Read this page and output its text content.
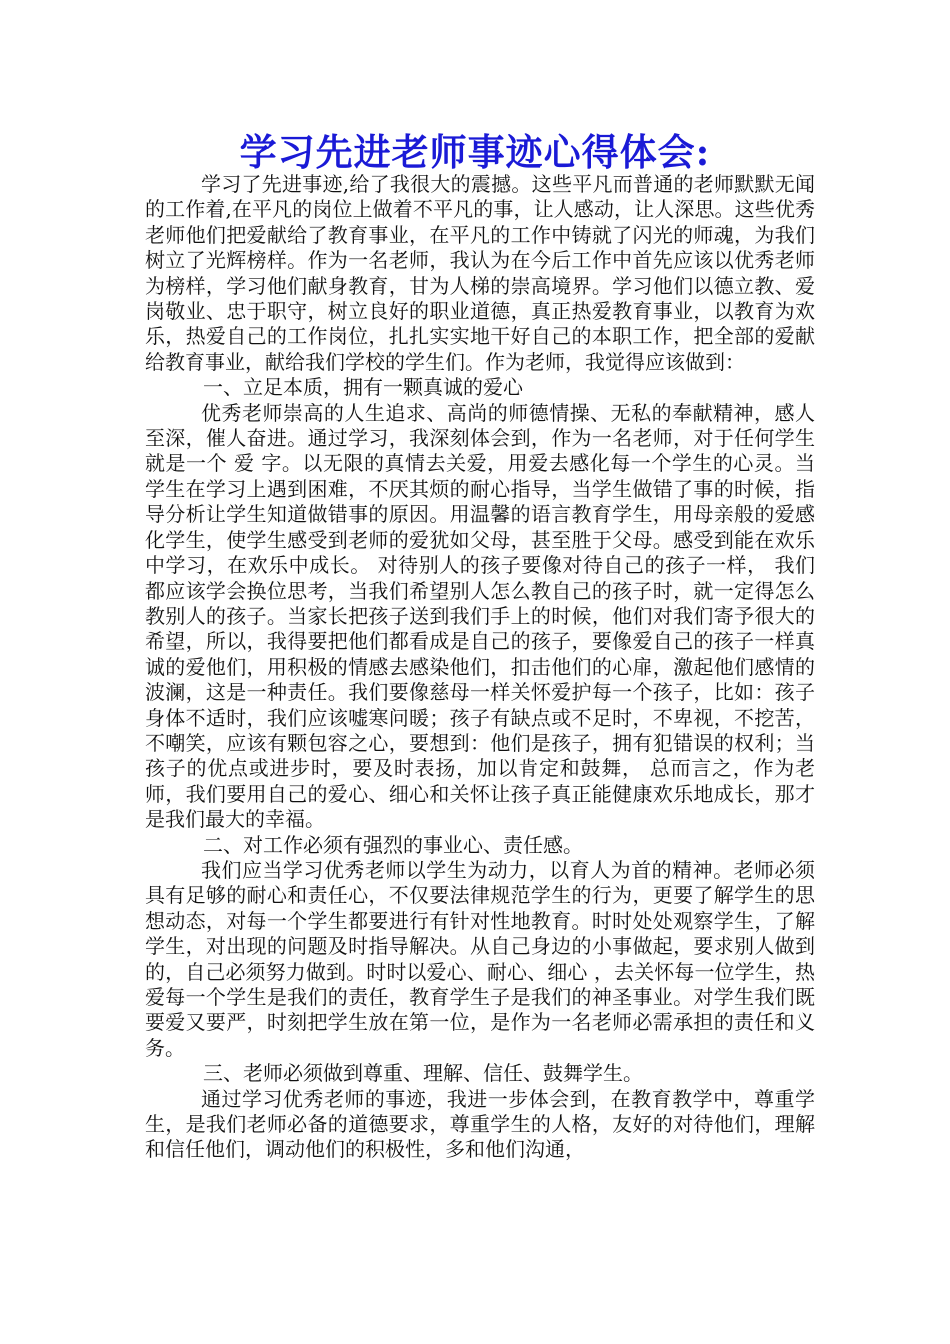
学习先进老师事迹心得体会:

学习了先进事迹,给了我很大的震撼。这些平凡而普通的老师默默无闻的工作着,在平凡的岗位上做着不平凡的事，让人感动，让人深思。这些优秀老师他们把爱献给了教育事业，在平凡的工作中铸就了闪光的师魂，为我们树立了光辉榜样。作为一名老师，我认为在今后工作中首先应该以优秀老师为榜样，学习他们献身教育，甘为人梯的崇高境界。学习他们以德立教、爱岗敬业、忠于职守，树立良好的职业道德，真正热爱教育事业，以教育为欢乐，热爱自己的工作岗位，扎扎实实地干好自己的本职工作，把全部的爱献给教育事业，献给我们学校的学生们。作为老师，我觉得应该做到：

一、立足本质，拥有一颗真诚的爱心

优秀老师崇高的人生追求、高尚的师德情操、无私的奉献精神，感人至深，催人奋进。通过学习，我深刻体会到，作为一名老师，对于任何学生就是一个 爱 字。以无限的真情去关爱，用爱去感化每一个学生的心灵。当学生在学习上遇到困难，不厌其烦的耐心指导，当学生做错了事的时候，指导分析让学生知道做错事的原因。用温馨的语言教育学生，用母亲般的爱感化学生，使学生感受到老师的爱犹如父母，甚至胜于父母。感受到能在欢乐中学习，在欢乐中成长。 对待别人的孩子要像对待自己的孩子一样， 我们都应该学会换位思考，当我们希望别人怎么教自己的孩子时，就一定得怎么教别人的孩子。当家长把孩子送到我们手上的时候，他们对我们寄予很大的希望，所以，我得要把他们都看成是自己的孩子，要像爱自己的孩子一样真诚的爱他们，用积极的情感去感染他们，扣击他们的心扉，激起他们感情的波澜，这是一种责任。我们要像慈母一样关怀爱护每一个孩子，比如：孩子身体不适时，我们应该嘘寒问暖；孩子有缺点或不足时，不卑视，不挖苦，不嘲笑，应该有颗包容之心，要想到：他们是孩子，拥有犯错误的权利；当孩子的优点或进步时，要及时表扬，加以肯定和鼓舞， 总而言之，作为老师，我们要用自己的爱心、细心和关怀让孩子真正能健康欢乐地成长，那才是我们最大的幸福。

二、对工作必须有强烈的事业心、责任感。

我们应当学习优秀老师以学生为动力，以育人为首的精神。老师必须具有足够的耐心和责任心，不仅要法律规范学生的行为，更要了解学生的思想动态，对每一个学生都要进行有针对性地教育。时时处处观察学生，了解学生，对出现的问题及时指导解决。从自己身边的小事做起，要求别人做到的，自己必须努力做到。时时以爱心、耐心、细心 ，去关怀每一位学生，热爱每一个学生是我们的责任，教育学生子是我们的神圣事业。对学生我们既要爱又要严，时刻把学生放在第一位，是作为一名老师必需承担的责任和义务。

三、老师必须做到尊重、理解、信任、鼓舞学生。

通过学习优秀老师的事迹，我进一步体会到，在教育教学中，尊重学生，是我们老师必备的道德要求，尊重学生的人格，友好的对待他们，理解和信任他们，调动他们的积极性，多和他们沟通，
